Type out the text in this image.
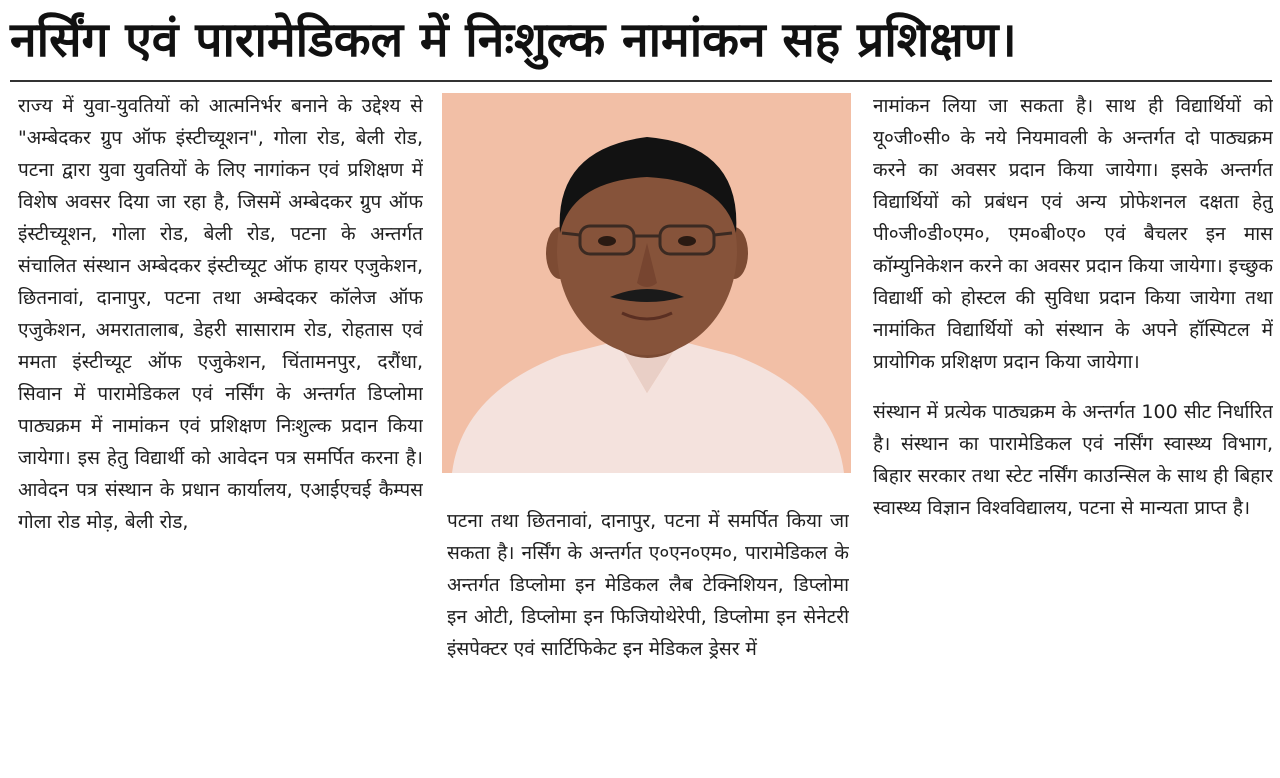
नर्सिंग एवं पारामेडिकल में निःशुल्क नामांकन सह प्रशिक्षण।

राज्य में युवा-युवतियों को आत्मनिर्भर बनाने के उद्देश्य से "अम्बेदकर ग्रुप ऑफ इंस्टीच्यूशन", गोला रोड, बेली रोड, पटना द्वारा युवा युवतियों के लिए नागांकन एवं प्रशिक्षण में विशेष अवसर दिया जा रहा है, जिसमें अम्बेदकर ग्रुप ऑफ इंस्टीच्यूशन, गोला रोड, बेली रोड, पटना के अन्तर्गत संचालित संस्थान अम्बेदकर इंस्टीच्यूट ऑफ हायर एजुकेशन, छितनावां, दानापुर, पटना तथा अम्बेदकर कॉलेज ऑफ एजुकेशन, अमरातालाब, डेहरी सासाराम रोड, रोहतास एवं ममता इंस्टीच्यूट ऑफ एजुकेशन, चिंतामनपुर, दरौंधा, सिवान में पारामेडिकल एवं नर्सिंग के अन्तर्गत डिप्लोमा पाठ्यक्रम में नामांकन एवं प्रशिक्षण निःशुल्क प्रदान किया जायेगा। इस हेतु विद्यार्थी को आवेदन पत्र समर्पित करना है। आवेदन पत्र संस्थान के प्रधान कार्यालय, एआईएचई कैम्पस गोला रोड मोड़, बेली रोड,	पटना तथा छितनावां, दानापुर, पटना में समर्पित किया जा सकता है। नर्सिंग के अन्तर्गत ए०एन०एम०, पारामेडिकल के अन्तर्गत डिप्लोमा इन मेडिकल लैब टेक्निशियन, डिप्लोमा इन ओटी, डिप्लोमा इन फिजियोथेरेपी, डिप्लोमा इन सेनेटरी इंसपेक्टर एवं सार्टिफिकेट इन मेडिकल ड्रेसर में

नामांकन लिया जा सकता है। साथ ही विद्यार्थियों को यू०जी०सी० के नये नियमावली के अन्तर्गत दो पाठ्यक्रम करने का अवसर प्रदान किया जायेगा। इसके अन्तर्गत विद्यार्थियों को प्रबंधन एवं अन्य प्रोफेशनल दक्षता हेतु पी०जी०डी०एम०, एम०बी०ए० एवं बैचलर इन मास कॉम्युनिकेशन करने का अवसर प्रदान किया जायेगा। इच्छुक विद्यार्थी को होस्टल की सुविधा प्रदान किया जायेगा तथा नामांकित विद्यार्थियों को संस्थान के अपने हॉस्पिटल में प्रायोगिक प्रशिक्षण प्रदान किया जायेगा।

संस्थान में प्रत्येक पाठ्यक्रम के अन्तर्गत 100 सीट निर्धारित है। संस्थान का पारामेडिकल एवं नर्सिंग स्वास्थ्य विभाग, बिहार सरकार तथा स्टेट नर्सिंग काउन्सिल के साथ ही बिहार स्वास्थ्य विज्ञान विश्वविद्यालय, पटना से मान्यता प्राप्त है।
